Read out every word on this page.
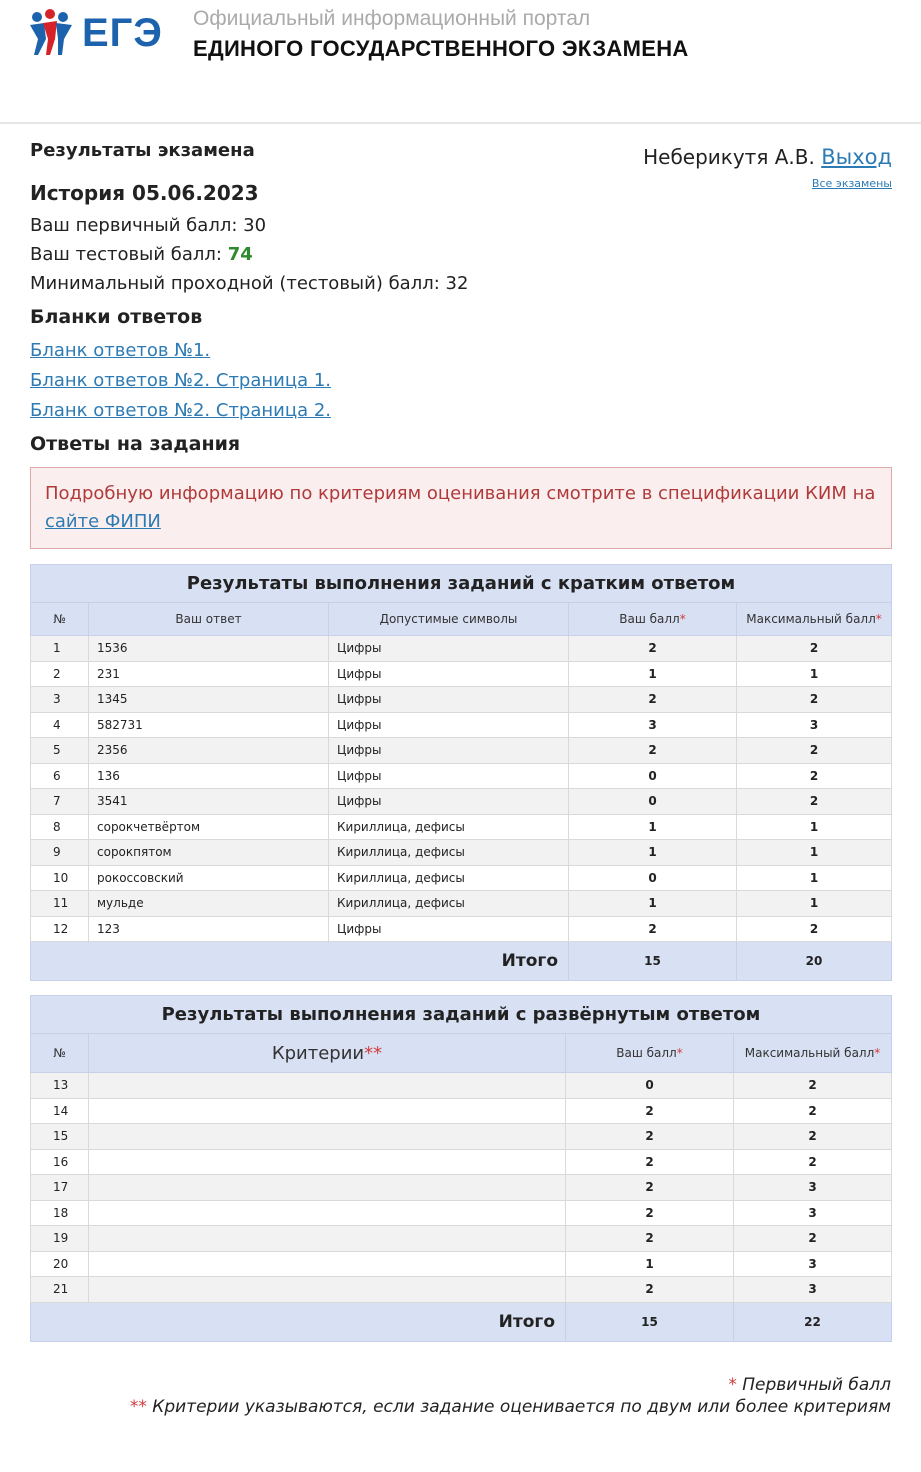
ЕГЭ Официальный информационный портал
ЕДИНОГО ГОСУДАРСТВЕННОГО ЭКЗАМЕНА
Неберикутя А.В. Выход
Все экзамены
Результаты экзамена
История 05.06.2023
Ваш первичный балл: 30
Ваш тестовый балл: 74
Минимальный проходной (тестовый) балл: 32
Бланки ответов
Бланк ответов №1.
Бланк ответов №2. Страница 1.
Бланк ответов №2. Страница 2.
Ответы на задания
Подробную информацию по критериям оценивания смотрите в спецификации КИМ на сайте ФИПИ
Результаты выполнения заданий с кратким ответом
№	Ваш ответ	Допустимые символы	Ваш балл*	Максимальный балл*
1	1536	Цифры	2	2
2	231	Цифры	1	1
3	1345	Цифры	2	2
4	582731	Цифры	3	3
5	2356	Цифры	2	2
6	136	Цифры	0	2
7	3541	Цифры	0	2
8	сорокчетвёртом	Кириллица, дефисы	1	1
9	сорокпятом	Кириллица, дефисы	1	1
10	рокоссовский	Кириллица, дефисы	0	1
11	мульде	Кириллица, дефисы	1	1
12	123	Цифры	2	2
Итого			15	20
Результаты выполнения заданий с развёрнутым ответом
№	Критерии**	Ваш балл*	Максимальный балл*
13		0	2
14		2	2
15		2	2
16		2	2
17		2	3
18		2	3
19		2	2
20		1	3
21		2	3
Итого		15	22
* Первичный балл
** Критерии указываются, если задание оценивается по двум или более критериям
